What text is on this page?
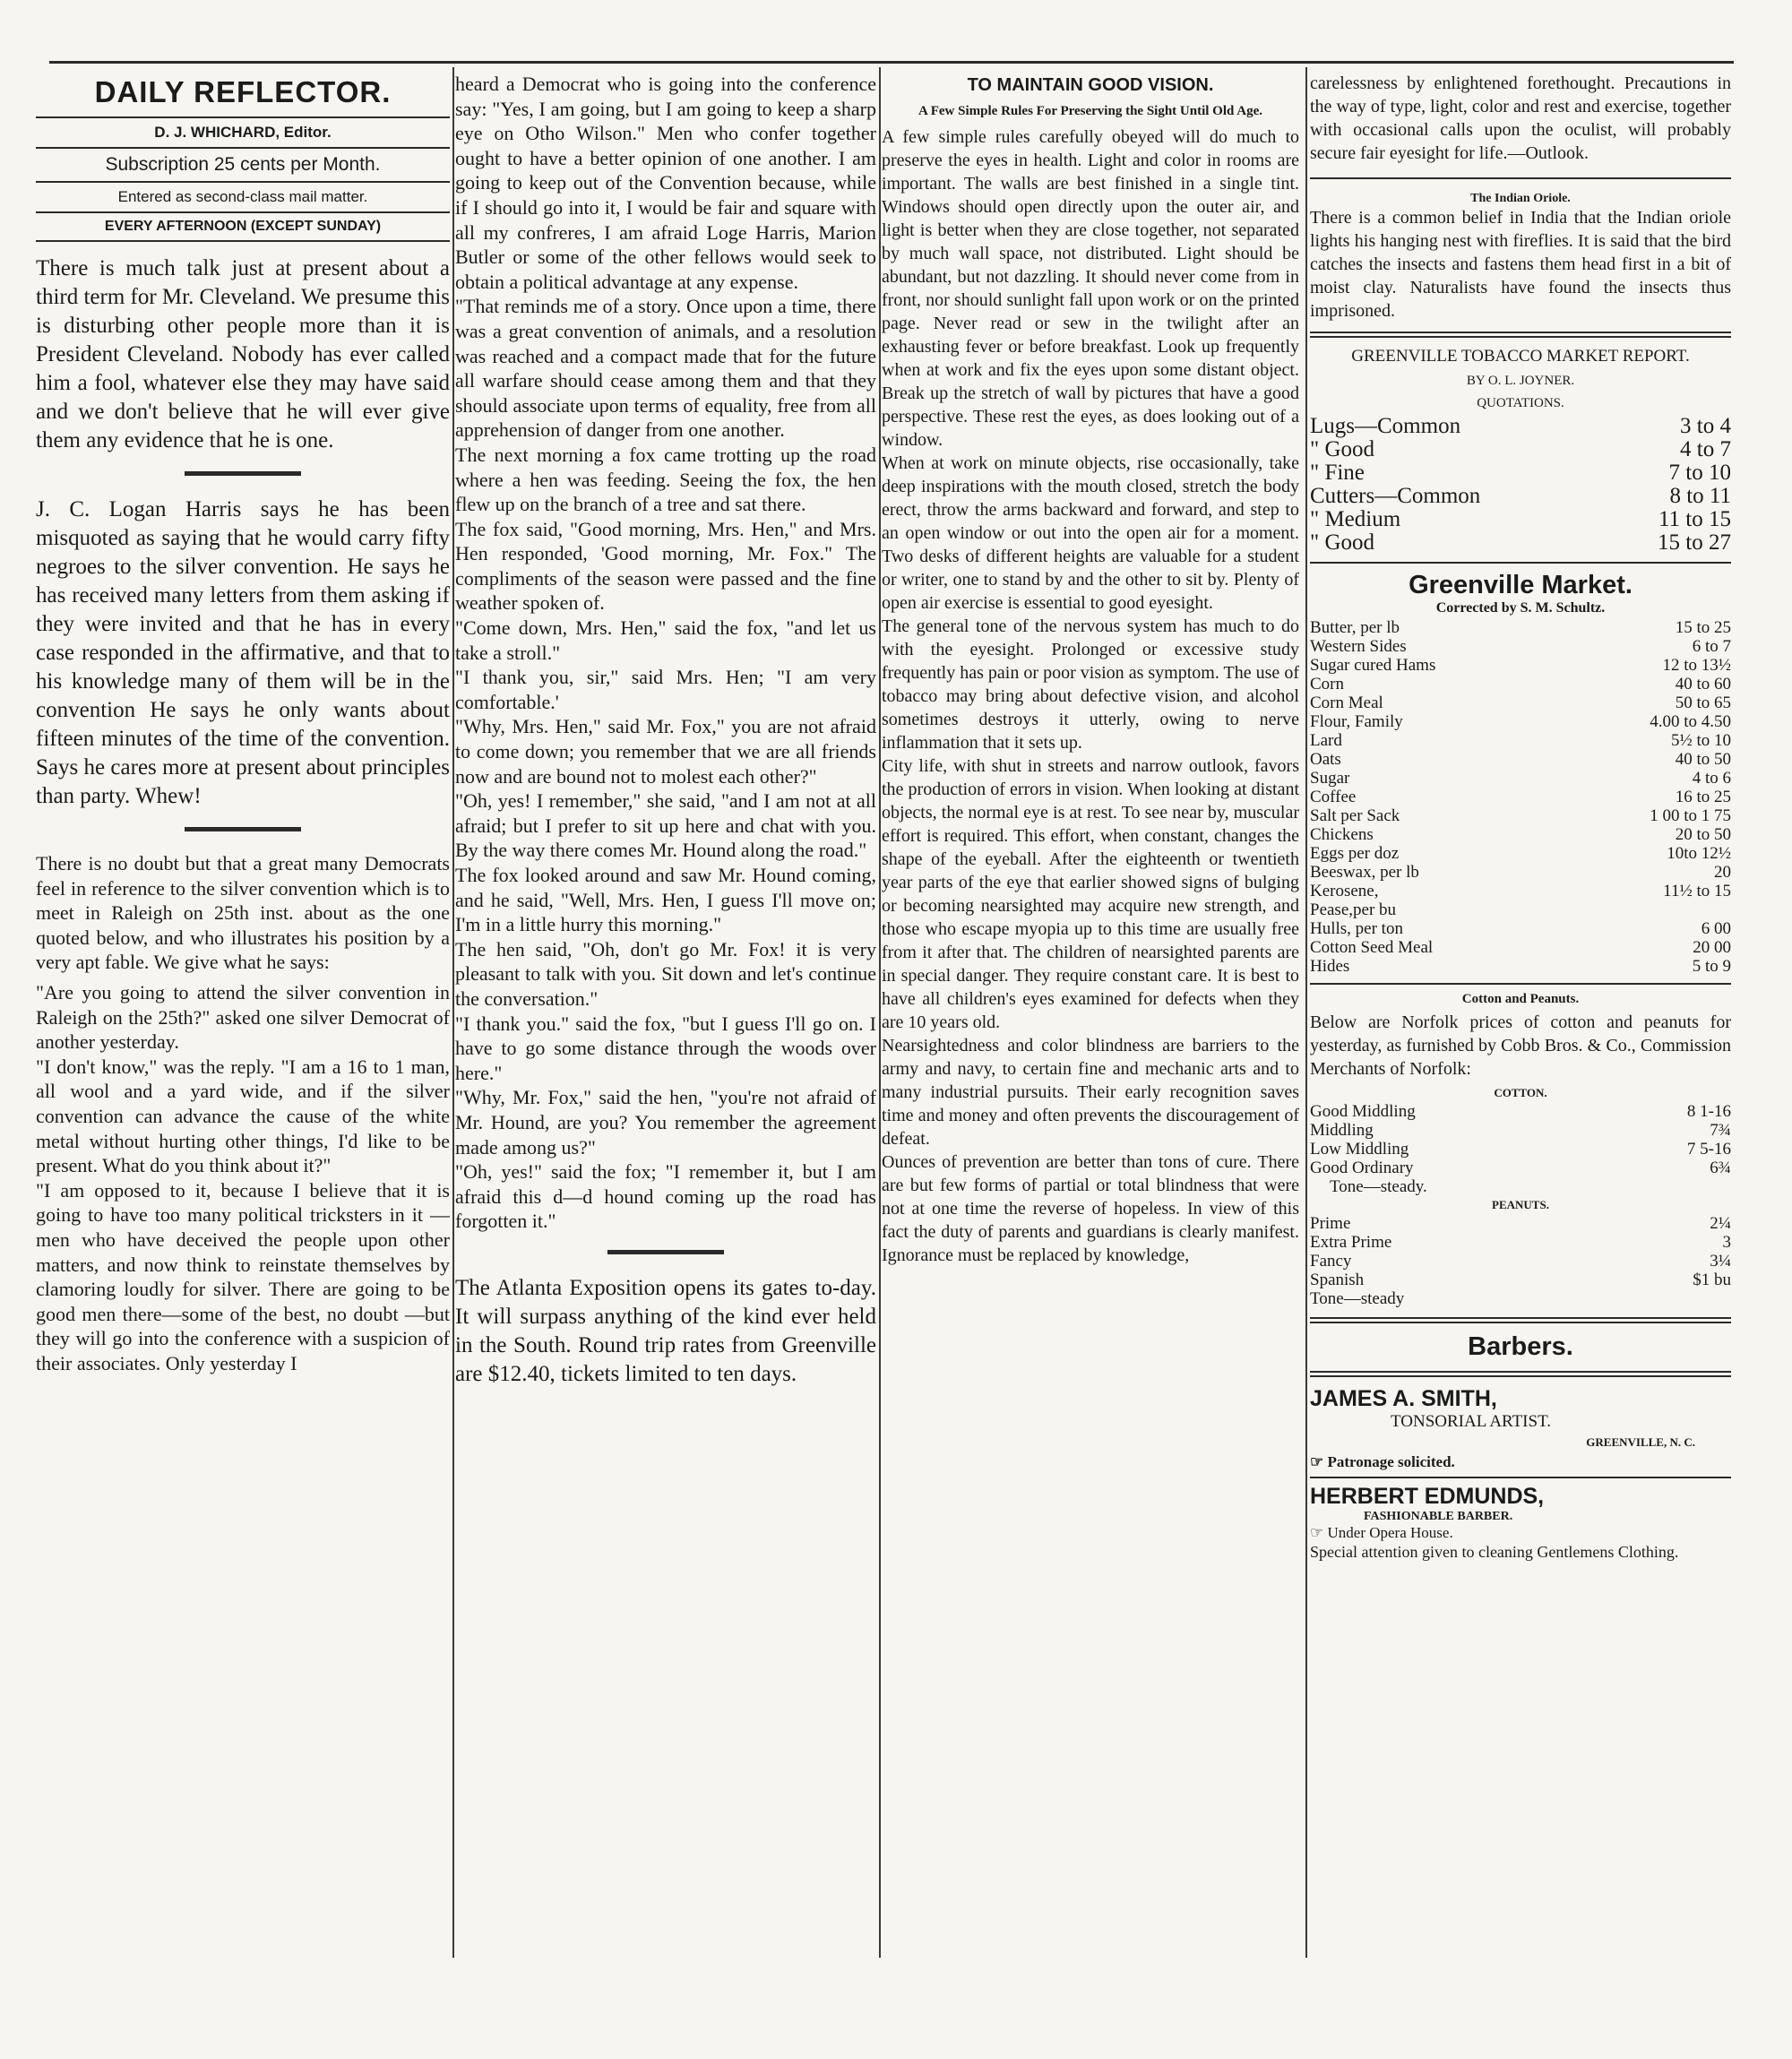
DAILY REFLECTOR.
D. J. WHICHARD, Editor.
Subscription 25 cents per Month.
Entered as second-class mail matter.
EVERY AFTERNOON (EXCEPT SUNDAY)

There is much talk just at present about a third term for Mr. Cleveland. We presume this is disturbing other people more than it is President Cleveland. Nobody has ever called him a fool, whatever else they may have said and we don't believe that he will ever give them any evidence that he is one.

J. C. Logan Harris says he has been misquoted as saying that he would carry fifty negroes to the silver convention. He says he has received many letters from them asking if they were invited and that he has in every case responded in the affirmative, and that to his knowledge many of them will be in the convention He says he only wants about fifteen minutes of the time of the convention. Says he cares more at present about principles than party. Whew!

There is no doubt but that a great many Democrats feel in reference to the silver convention which is to meet in Raleigh on 25th inst. about as the one quoted below, and who illustrates his position by a very apt fable. We give what he says:

"Are you going to attend the silver convention in Raleigh on the 25th?" asked one silver Democrat of another yesterday.

"I don't know," was the reply. "I am a 16 to 1 man, all wool and a yard wide, and if the silver convention can advance the cause of the white metal without hurting other things, I'd like to be present. What do you think about it?"

"I am opposed to it, because I believe that it is going to have too many political tricksters in it —men who have deceived the people upon other matters, and now think to reinstate themselves by clamoring loudly for silver. There are going to be good men there—some of the best, no doubt —but they will go into the conference with a suspicion of their associates. Only yesterday I

heard a Democrat who is going into the conference say: "Yes, I am going, but I am going to keep a sharp eye on Otho Wilson." Men who confer together ought to have a better opinion of one another. I am going to keep out of the Convention because, while if I should go into it, I would be fair and square with all my confreres, I am afraid Loge Harris, Marion Butler or some of the other fellows would seek to obtain a political advantage at any expense.

"That reminds me of a story. Once upon a time, there was a great convention of animals, and a resolution was reached and a compact made that for the future all warfare should cease among them and that they should associate upon terms of equality, free from all apprehension of danger from one another.

The next morning a fox came trotting up the road where a hen was feeding. Seeing the fox, the hen flew up on the branch of a tree and sat there.

The fox said, "Good morning, Mrs. Hen," and Mrs. Hen responded, 'Good morning, Mr. Fox." The compliments of the season were passed and the fine weather spoken of.

"Come down, Mrs. Hen," said the fox, "and let us take a stroll."

"I thank you, sir," said Mrs. Hen; "I am very comfortable.'

"Why, Mrs. Hen," said Mr. Fox," you are not afraid to come down; you remember that we are all friends now and are bound not to molest each other?"

"Oh, yes! I remember," she said, "and I am not at all afraid; but I prefer to sit up here and chat with you. By the way there comes Mr. Hound along the road."

The fox looked around and saw Mr. Hound coming, and he said, "Well, Mrs. Hen, I guess I'll move on; I'm in a little hurry this morning."

The hen said, "Oh, don't go Mr. Fox! it is very pleasant to talk with you. Sit down and let's continue the conversation."

"I thank you." said the fox, "but I guess I'll go on. I have to go some distance through the woods over here."

"Why, Mr. Fox," said the hen, "you're not afraid of Mr. Hound, are you? You remember the agreement made among us?"

"Oh, yes!" said the fox; "I remember it, but I am afraid this d—d hound coming up the road has forgotten it."

The Atlanta Exposition opens its gates to-day. It will surpass anything of the kind ever held in the South. Round trip rates from Greenville are $12.40, tickets limited to ten days.

TO MAINTAIN GOOD VISION.
A Few Simple Rules For Preserving the Sight Until Old Age.

A few simple rules carefully obeyed will do much to preserve the eyes in health. Light and color in rooms are important. The walls are best finished in a single tint. Windows should open directly upon the outer air, and light is better when they are close together, not separated by much wall space, not distributed. Light should be abundant, but not dazzling. It should never come from in front, nor should sunlight fall upon work or on the printed page. Never read or sew in the twilight after an exhausting fever or before breakfast. Look up frequently when at work and fix the eyes upon some distant object. Break up the stretch of wall by pictures that have a good perspective. These rest the eyes, as does looking out of a window.

When at work on minute objects, rise occasionally, take deep inspirations with the mouth closed, stretch the body erect, throw the arms backward and forward, and step to an open window or out into the open air for a moment. Two desks of different heights are valuable for a student or writer, one to stand by and the other to sit by. Plenty of open air exercise is essential to good eyesight.

The general tone of the nervous system has much to do with the eyesight. Prolonged or excessive study frequently has pain or poor vision as symptom. The use of tobacco may bring about defective vision, and alcohol sometimes destroys it utterly, owing to nerve inflammation that it sets up.

City life, with shut in streets and narrow outlook, favors the production of errors in vision. When looking at distant objects, the normal eye is at rest. To see near by, muscular effort is required. This effort, when constant, changes the shape of the eyeball. After the eighteenth or twentieth year parts of the eye that earlier showed signs of bulging or becoming nearsighted may acquire new strength, and those who escape myopia up to this time are usually free from it after that. The children of nearsighted parents are in special danger. They require constant care. It is best to have all children's eyes examined for defects when they are 10 years old.

Nearsightedness and color blindness are barriers to the army and navy, to certain fine and mechanic arts and to many industrial pursuits. Their early recognition saves time and money and often prevents the discouragement of defeat.

Ounces of prevention are better than tons of cure. There are but few forms of partial or total blindness that were not at one time the reverse of hopeless. In view of this fact the duty of parents and guardians is clearly manifest. Ignorance must be replaced by knowledge,

carelessness by enlightened forethought. Precautions in the way of type, light, color and rest and exercise, together with occasional calls upon the oculist, will probably secure fair eyesight for life.—Outlook.

The Indian Oriole.

There is a common belief in India that the Indian oriole lights his hanging nest with fireflies. It is said that the bird catches the insects and fastens them head first in a bit of moist clay. Naturalists have found the insects thus imprisoned.

GREENVILLE TOBACCO MARKET REPORT.
BY O. L. JOYNER.
QUOTATIONS.
Lugs—Common	3 to 4
" Good	4 to 7
" Fine	7 to 10
Cutters—Common	8 to 11
" Medium	11 to 15
" Good	15 to 27
Greenville Market.
Corrected by S. M. Schultz.
Butter, per lb	15 to 25
Western Sides	6 to 7
Sugar cured Hams	12 to 13½
Corn	40 to 60
Corn Meal	50 to 65
Flour, Family	4.00 to 4.50
Lard	5½ to 10
Oats	40 to 50
Sugar	4 to 6
Coffee	16 to 25
Salt per Sack	1 00 to 1 75
Chickens	20 to 50
Eggs per doz	10to 12½
Beeswax, per lb	20
Kerosene,	11½ to 15
Pease,per bu	
Hulls, per ton	6 00
Cotton Seed Meal	20 00
Hides	5 to 9
Cotton and Peanuts.

Below are Norfolk prices of cotton and peanuts for yesterday, as furnished by Cobb Bros. & Co., Commission Merchants of Norfolk:

COTTON.
Good Middling	8 1-16
Middling	7¾
Low Middling	7 5-16
Good Ordinary	6¾
Tone—steady.
PEANUTS.
Prime	2¼
Extra Prime	3
Fancy	3¼
Spanish	$1 bu
Tone—steady
Barbers.
JAMES A. SMITH,
TONSORIAL ARTIST.
GREENVILLE, N. C.
☞ Patronage solicited.
HERBERT EDMUNDS,
FASHIONABLE BARBER.
☞ Under Opera House.

Special attention given to cleaning Gentlemens Clothing.
